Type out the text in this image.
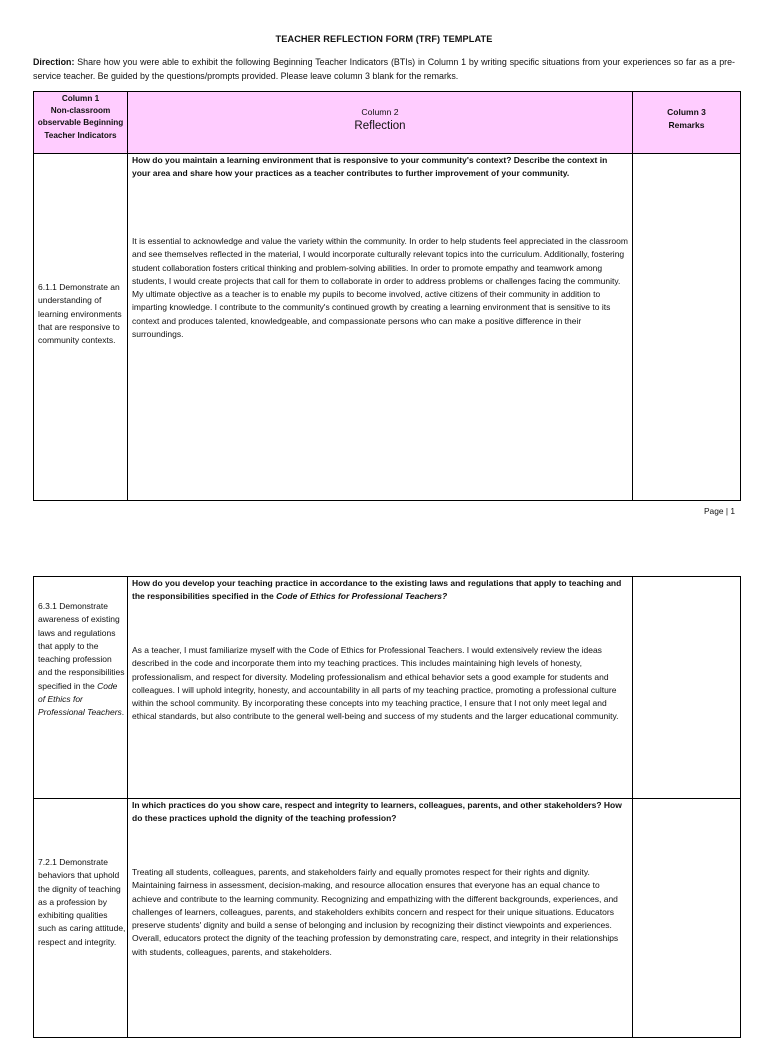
TEACHER REFLECTION FORM (TRF) TEMPLATE
Direction: Share how you were able to exhibit the following Beginning Teacher Indicators (BTIs) in Column 1 by writing specific situations from your experiences so far as a pre-service teacher. Be guided by the questions/prompts provided. Please leave column 3 blank for the remarks.
Column 1
Non-classroom observable Beginning Teacher Indicators
Column 2
Reflection
Column 3
Remarks
6.1.1 Demonstrate an understanding of learning environments that are responsive to community contexts.
How do you maintain a learning environment that is responsive to your community's context? Describe the context in your area and share how your practices as a teacher contributes to further improvement of your community.
It is essential to acknowledge and value the variety within the community. In order to help students feel appreciated in the classroom and see themselves reflected in the material, I would incorporate culturally relevant topics into the curriculum. Additionally, fostering student collaboration fosters critical thinking and problem-solving abilities. In order to promote empathy and teamwork among students, I would create projects that call for them to collaborate in order to address problems or challenges facing the community. My ultimate objective as a teacher is to enable my pupils to become involved, active citizens of their community in addition to imparting knowledge. I contribute to the community's continued growth by creating a learning environment that is sensitive to its context and produces talented, knowledgeable, and compassionate persons who can make a positive difference in their surroundings.
Page | 1
6.3.1 Demonstrate awareness of existing laws and regulations that apply to the teaching profession and the responsibilities specified in the Code of Ethics for Professional Teachers.
How do you develop your teaching practice in accordance to the existing laws and regulations that apply to teaching and the responsibilities specified in the Code of Ethics for Professional Teachers?
As a teacher, I must familiarize myself with the Code of Ethics for Professional Teachers. I would extensively review the ideas described in the code and incorporate them into my teaching practices. This includes maintaining high levels of honesty, professionalism, and respect for diversity. Modeling professionalism and ethical behavior sets a good example for students and colleagues. I will uphold integrity, honesty, and accountability in all parts of my teaching practice, promoting a professional culture within the school community. By incorporating these concepts into my teaching practice, I ensure that I not only meet legal and ethical standards, but also contribute to the general well-being and success of my students and the larger educational community.
7.2.1 Demonstrate behaviors that uphold the dignity of teaching as a profession by exhibiting qualities such as caring attitude, respect and integrity.
In which practices do you show care, respect and integrity to learners, colleagues, parents, and other stakeholders? How do these practices uphold the dignity of the teaching profession?
Treating all students, colleagues, parents, and stakeholders fairly and equally promotes respect for their rights and dignity. Maintaining fairness in assessment, decision-making, and resource allocation ensures that everyone has an equal chance to achieve and contribute to the learning community. Recognizing and empathizing with the different backgrounds, experiences, and challenges of learners, colleagues, parents, and stakeholders exhibits concern and respect for their unique situations. Educators preserve students' dignity and build a sense of belonging and inclusion by recognizing their distinct viewpoints and experiences. Overall, educators protect the dignity of the teaching profession by demonstrating care, respect, and integrity in their relationships with students, colleagues, parents, and stakeholders.
